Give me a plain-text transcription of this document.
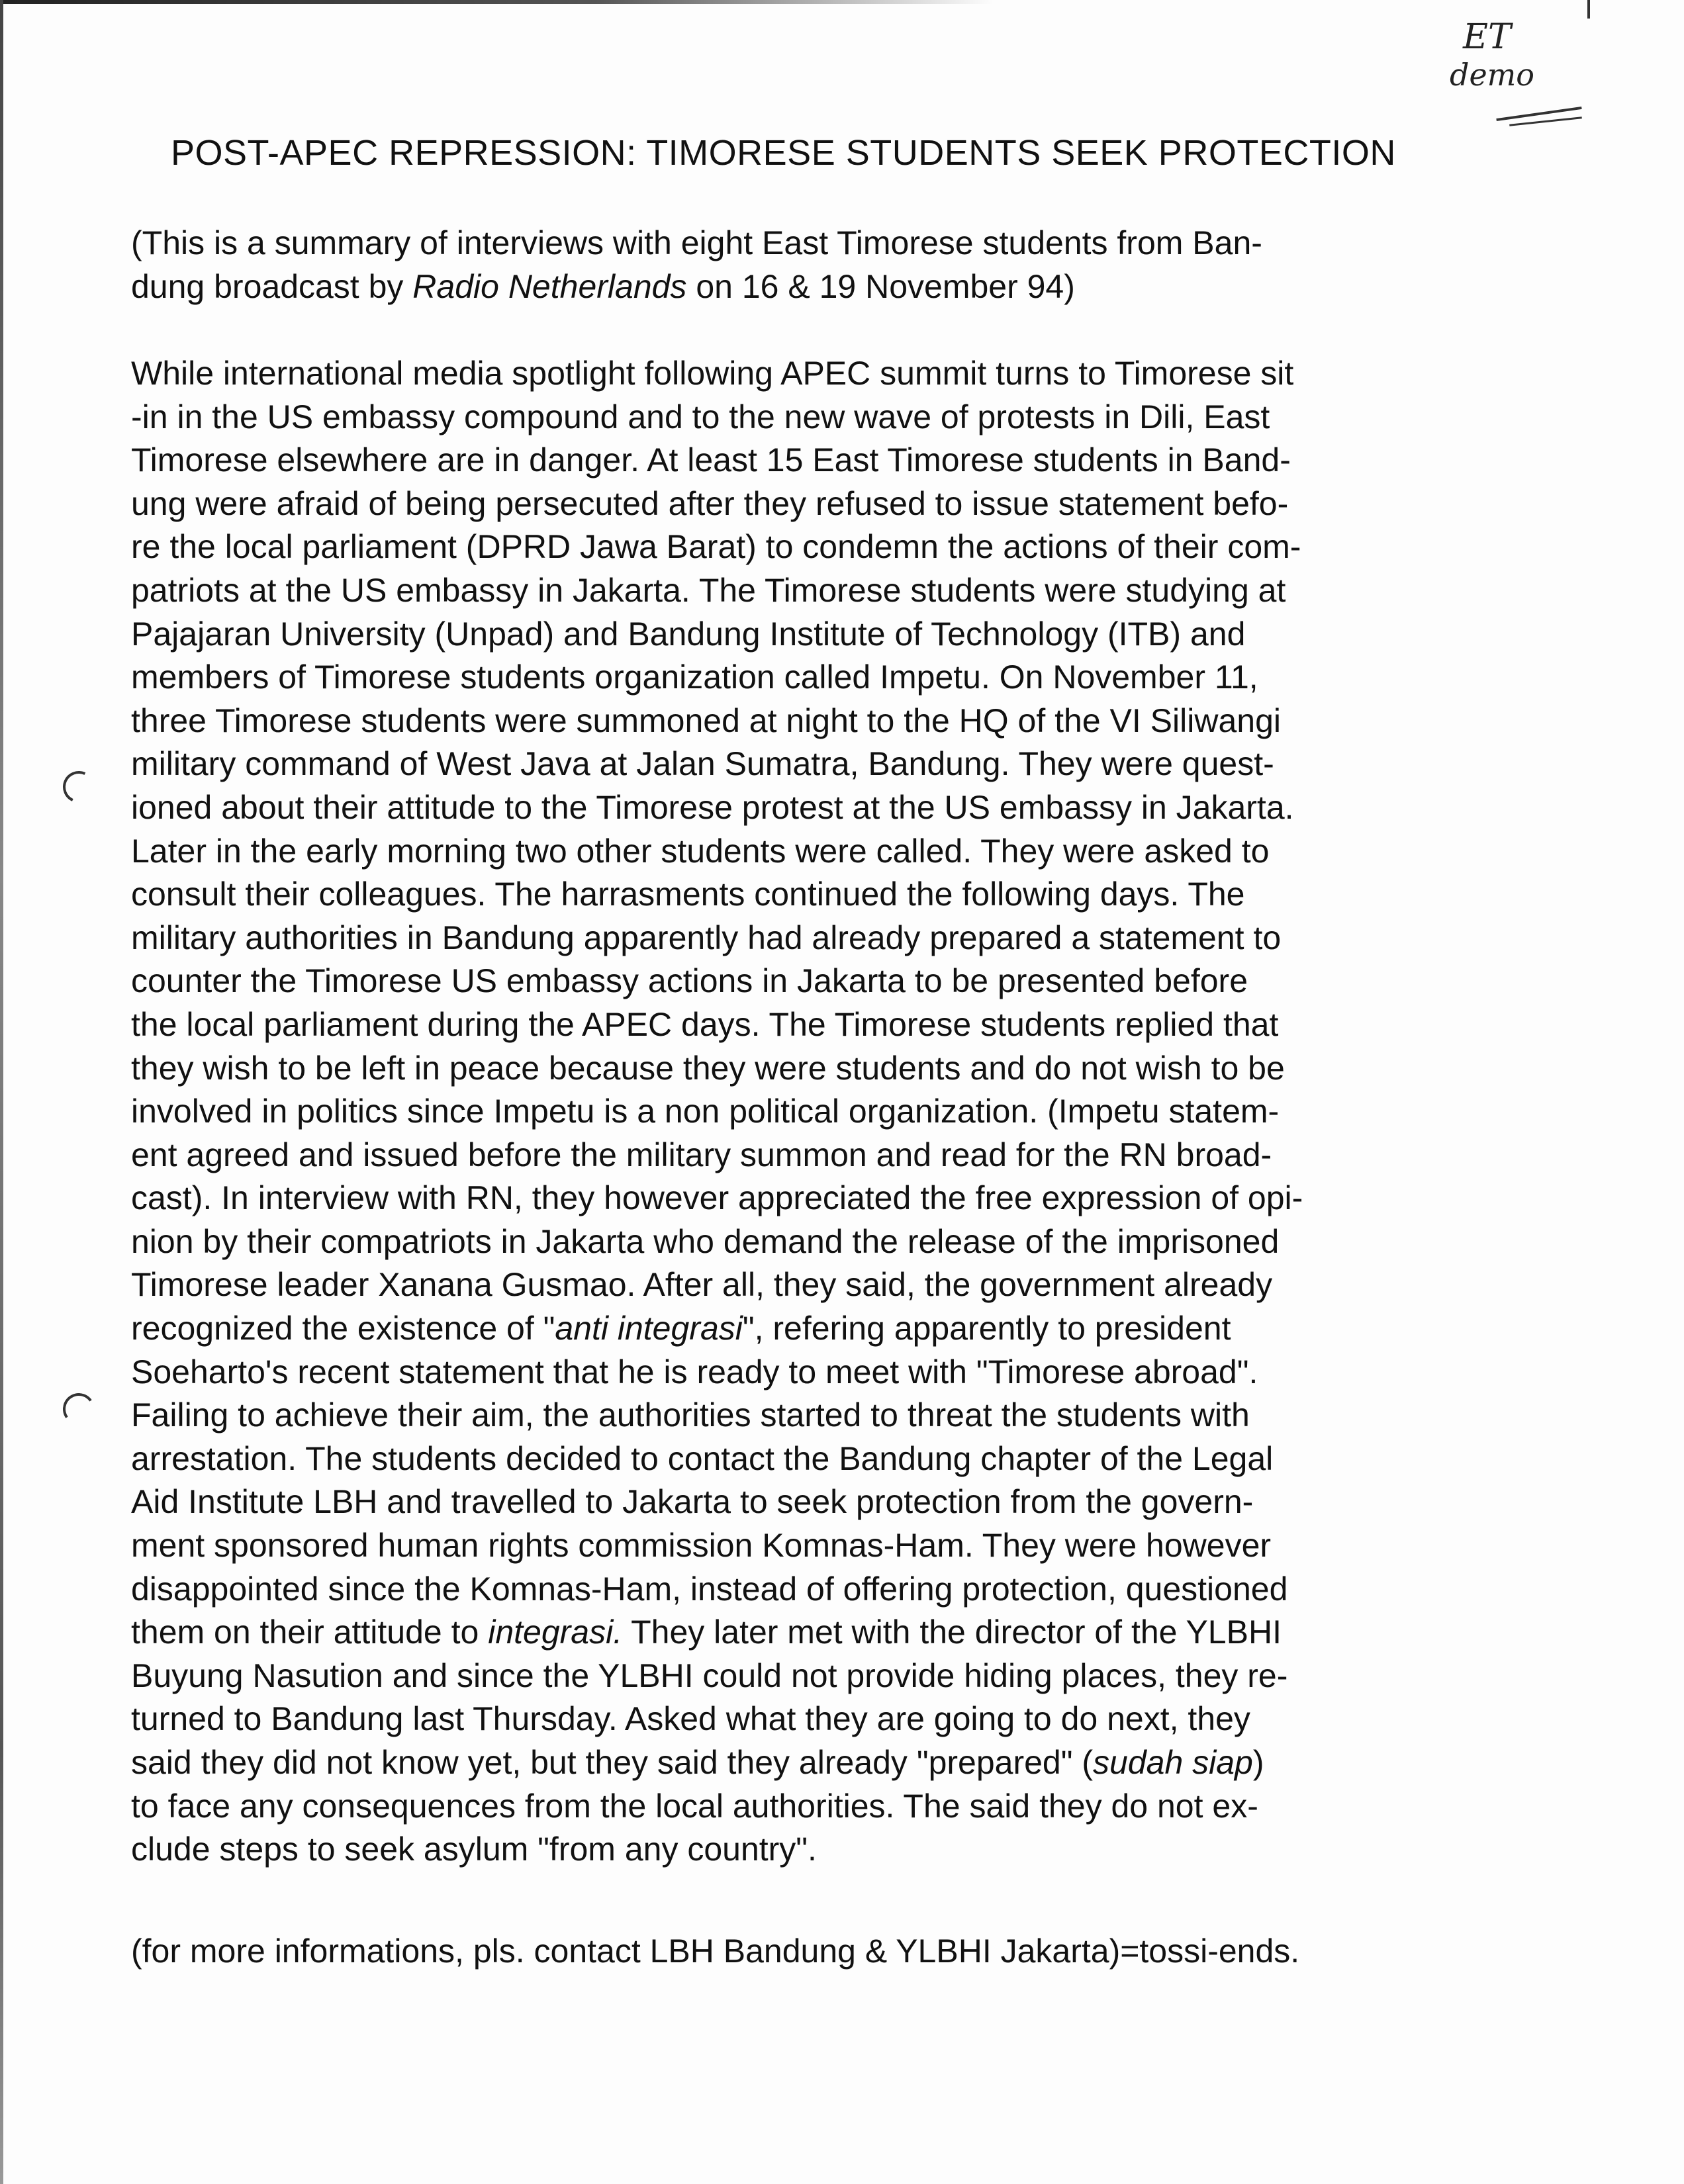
ET
demo
POST-APEC REPRESSION: TIMORESE STUDENTS SEEK PROTECTION
(This is a summary of interviews with eight East Timorese students from Ban-
dung broadcast by Radio Netherlands on 16 & 19 November 94)
While international media spotlight following APEC summit turns to Timorese sit
-in in the US embassy compound and to the new wave of protests in Dili, East
Timorese elsewhere are in danger. At least 15 East Timorese students in Band-
ung were afraid of being persecuted after they refused to issue statement befo-
re the local parliament (DPRD Jawa Barat) to condemn the actions of their com-
patriots at the US embassy in Jakarta. The Timorese students were studying at
Pajajaran University (Unpad) and Bandung Institute of Technology (ITB) and
members of Timorese students organization called Impetu. On November 11,
three Timorese students were summoned at night to the HQ of the VI Siliwangi
military command of West Java at Jalan Sumatra, Bandung. They were quest-
ioned about their attitude to the Timorese protest at the US embassy in Jakarta.
Later in the early morning two other students were called. They were asked to
consult their colleagues. The harrasments continued the following days. The
military authorities in Bandung apparently had already prepared a statement to
counter the Timorese US embassy actions in Jakarta to be presented before
the local parliament during the APEC days. The Timorese students replied that
they wish to be left in peace because they were students and do not wish to be
involved in politics since Impetu is a non political organization. (Impetu statem-
ent agreed and issued before the military summon and read for the RN broad-
cast). In interview with RN, they however appreciated the free expression of opi-
nion by their compatriots in Jakarta who demand the release of the imprisoned
Timorese leader Xanana Gusmao. After all, they said, the government already
recognized the existence of "anti integrasi", refering apparently to president
Soeharto's recent statement that he is ready to meet with "Timorese abroad".
Failing to achieve their aim, the authorities started to threat the students with
arrestation. The students decided to contact the Bandung chapter of the Legal
Aid Institute LBH and travelled to Jakarta to seek protection from the govern-
ment sponsored human rights commission Komnas-Ham. They were however
disappointed since the Komnas-Ham, instead of offering protection, questioned
them on their attitude to integrasi. They later met with the director of the YLBHI
Buyung Nasution and since the YLBHI could not provide hiding places, they re-
turned to Bandung last Thursday. Asked what they are going to do next, they
said they did not know yet, but they said they already "prepared" (sudah siap)
to face any consequences from the local authorities. The said they do not ex-
clude steps to seek asylum "from any country".
(for more informations, pls. contact LBH Bandung & YLBHI Jakarta)=tossi-ends.
